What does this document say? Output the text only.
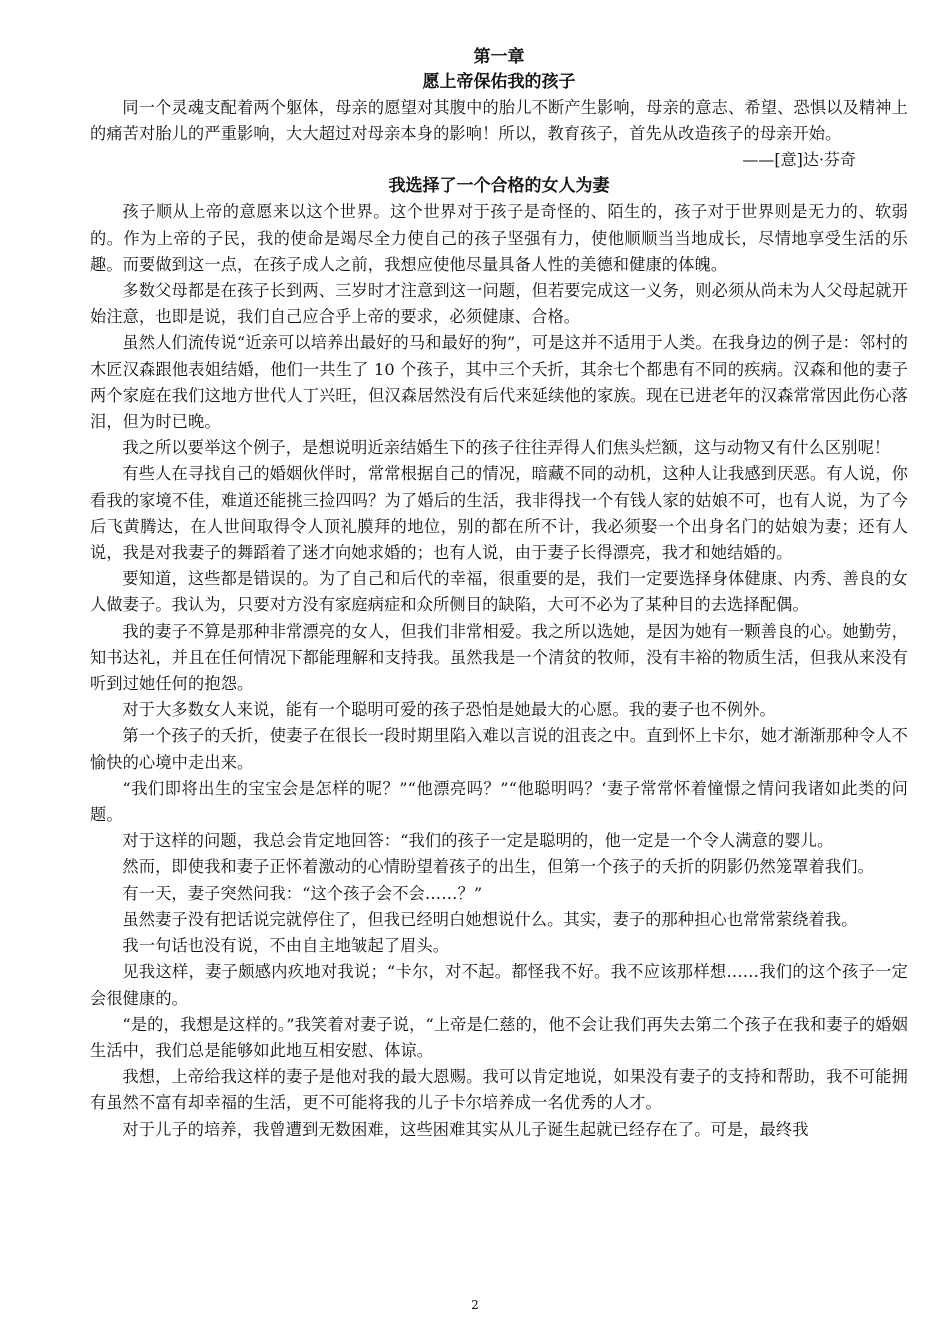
第一章

愿上帝保佑我的孩子

同一个灵魂支配着两个躯体，母亲的愿望对其腹中的胎儿不断产生影响，母亲的意志、希望、恐惧以及精神上的痛苦对胎儿的严重影响，大大超过对母亲本身的影响！所以，教育孩子，首先从改造孩子的母亲开始。

——[意]达·芬奇

我选择了一个合格的女人为妻

孩子顺从上帝的意愿来以这个世界。这个世界对于孩子是奇怪的、陌生的，孩子对于世界则是无力的、软弱的。作为上帝的子民，我的使命是竭尽全力使自己的孩子坚强有力，使他顺顺当当地成长，尽情地享受生活的乐趣。而要做到这一点，在孩子成人之前，我想应使他尽量具备人性的美德和健康的体魄。

多数父母都是在孩子长到两、三岁时才注意到这一问题，但若要完成这一义务，则必须从尚未为人父母起就开始注意，也即是说，我们自己应合乎上帝的要求，必须健康、合格。

虽然人们流传说“近亲可以培养出最好的马和最好的狗”，可是这并不适用于人类。在我身边的例子是：邻村的木匠汉森跟他表姐结婚，他们一共生了 10 个孩子，其中三个夭折，其余七个都患有不同的疾病。汉森和他的妻子两个家庭在我们这地方世代人丁兴旺，但汉森居然没有后代来延续他的家族。现在已进老年的汉森常常因此伤心落泪，但为时已晚。

我之所以要举这个例子，是想说明近亲结婚生下的孩子往往弄得人们焦头烂额，这与动物又有什么区别呢！

有些人在寻找自己的婚姻伙伴时，常常根据自己的情况，暗藏不同的动机，这种人让我感到厌恶。有人说，你看我的家境不佳，难道还能挑三捡四吗？为了婚后的生活，我非得找一个有钱人家的姑娘不可，也有人说，为了今后飞黄腾达，在人世间取得令人顶礼膜拜的地位，别的都在所不计，我必须娶一个出身名门的姑娘为妻；还有人说，我是对我妻子的舞蹈着了迷才向她求婚的；也有人说，由于妻子长得漂亮，我才和她结婚的。

要知道，这些都是错误的。为了自己和后代的幸福，很重要的是，我们一定要选择身体健康、内秀、善良的女人做妻子。我认为，只要对方没有家庭病症和众所侧目的缺陷，大可不必为了某种目的去选择配偶。

我的妻子不算是那种非常漂亮的女人，但我们非常相爱。我之所以选她，是因为她有一颗善良的心。她勤劳，知书达礼，并且在任何情况下都能理解和支持我。虽然我是一个清贫的牧师，没有丰裕的物质生活，但我从来没有听到过她任何的抱怨。

对于大多数女人来说，能有一个聪明可爱的孩子恐怕是她最大的心愿。我的妻子也不例外。

第一个孩子的夭折，使妻子在很长一段时期里陷入难以言说的沮丧之中。直到怀上卡尔，她才渐渐那种令人不愉快的心境中走出来。

“我们即将出生的宝宝会是怎样的呢？”“他漂亮吗？”“他聪明吗？‘妻子常常怀着憧憬之情问我诸如此类的问题。

对于这样的问题，我总会肯定地回答：“我们的孩子一定是聪明的，他一定是一个令人满意的婴儿。

然而，即使我和妻子正怀着激动的心情盼望着孩子的出生，但第一个孩子的夭折的阴影仍然笼罩着我们。

有一天，妻子突然问我：“这个孩子会不会……？”

虽然妻子没有把话说完就停住了，但我已经明白她想说什么。其实，妻子的那种担心也常常萦绕着我。

我一句话也没有说，不由自主地皱起了眉头。

见我这样，妻子颇感内疚地对我说；“卡尔，对不起。都怪我不好。我不应该那样想……我们的这个孩子一定会很健康的。

“是的，我想是这样的。”我笑着对妻子说，“上帝是仁慈的，他不会让我们再失去第二个孩子在我和妻子的婚姻生活中，我们总是能够如此地互相安慰、体谅。

我想，上帝给我这样的妻子是他对我的最大恩赐。我可以肯定地说，如果没有妻子的支持和帮助，我不可能拥有虽然不富有却幸福的生活，更不可能将我的儿子卡尔培养成一名优秀的人才。

对于儿子的培养，我曾遭到无数困难，这些困难其实从儿子诞生起就已经存在了。可是，最终我

2
